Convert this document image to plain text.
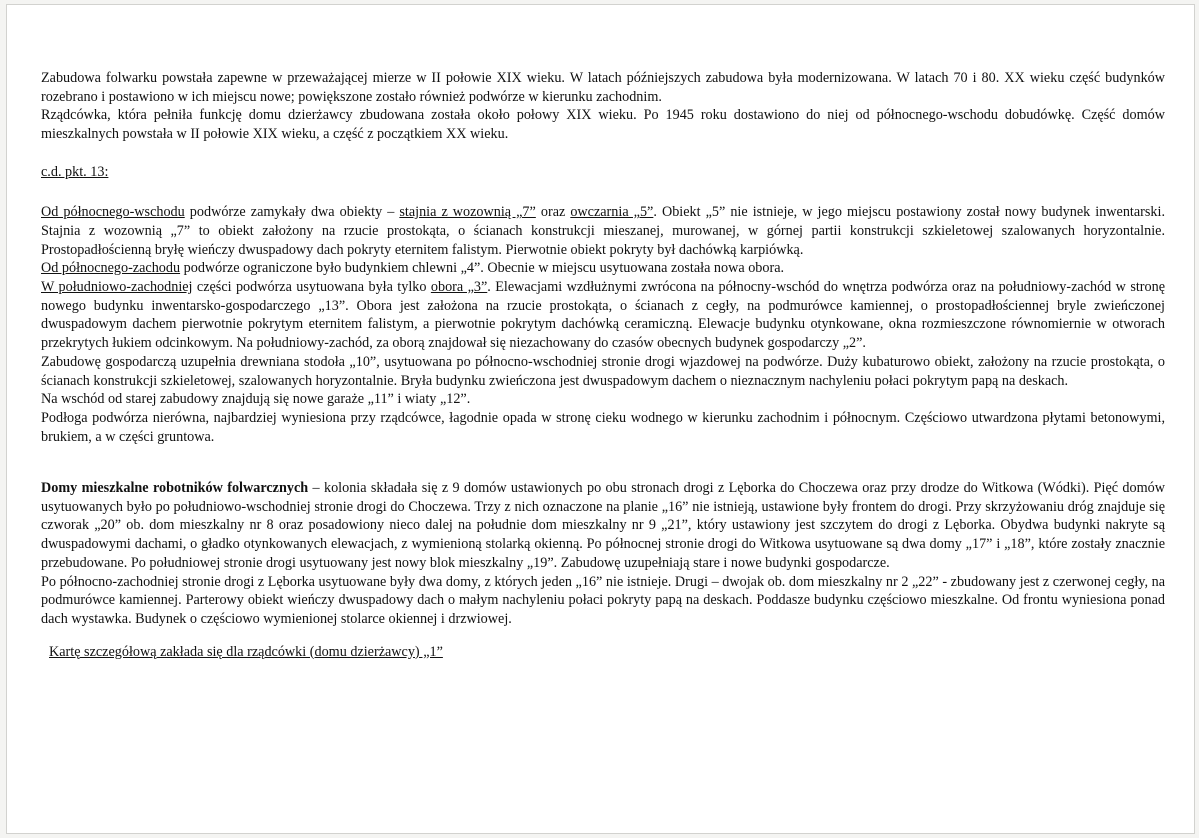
Zabudowa folwarku powstała zapewne w przeważającej mierze w II połowie XIX wieku. W latach późniejszych zabudowa była modernizowana. W latach 70 i 80. XX wieku część budynków rozebrano i postawiono w ich miejscu nowe; powiększone zostało również podwórze w kierunku zachodnim.

Rządcówka, która pełniła funkcję domu dzierżawcy zbudowana została około połowy XIX wieku. Po 1945 roku dostawiono do niej od północnego-wschodu dobudówkę. Część domów mieszkalnych powstała w II połowie XIX wieku, a część z początkiem XX wieku.

c.d. pkt. 13:

Od północnego-wschodu podwórze zamykały dwa obiekty – stajnia z wozownią „7” oraz owczarnia „5”. Obiekt „5” nie istnieje, w jego miejscu postawiony został nowy budynek inwentarski. Stajnia z wozownią „7” to obiekt założony na rzucie prostokąta, o ścianach konstrukcji mieszanej, murowanej, w górnej partii konstrukcji szkieletowej szalowanych horyzontalnie. Prostopadłościenną bryłę wieńczy dwuspadowy dach pokryty eternitem falistym. Pierwotnie obiekt pokryty był dachówką karpiówką.

Od północnego-zachodu podwórze ograniczone było budynkiem chlewni „4”. Obecnie w miejscu usytuowana została nowa obora.

W południowo-zachodniej części podwórza usytuowana była tylko obora „3”. Elewacjami wzdłużnymi zwrócona na północny-wschód do wnętrza podwórza oraz na południowy-zachód w stronę nowego budynku inwentarsko-gospodarczego „13”. Obora jest założona na rzucie prostokąta, o ścianach z cegły, na podmurówce kamiennej, o prostopadłościennej bryle zwieńczonej dwuspadowym dachem pierwotnie pokrytym eternitem falistym, a pierwotnie pokrytym dachówką ceramiczną. Elewacje budynku otynkowane, okna rozmieszczone równomiernie w otworach przekrytych łukiem odcinkowym. Na południowy-zachód, za oborą znajdował się niezachowany do czasów obecnych budynek gospodarczy „2”.

Zabudowę gospodarczą uzupełnia drewniana stodoła „10”, usytuowana po północno-wschodniej stronie drogi wjazdowej na podwórze. Duży kubaturowo obiekt, założony na rzucie prostokąta, o ścianach konstrukcji szkieletowej, szalowanych horyzontalnie. Bryła budynku zwieńczona jest dwuspadowym dachem o nieznacznym nachyleniu połaci pokrytym papą na deskach.

Na wschód od starej zabudowy znajdują się nowe garaże „11” i wiaty „12”.

Podłoga podwórza nierówna, najbardziej wyniesiona przy rządcówce, łagodnie opada w stronę cieku wodnego w kierunku zachodnim i północnym. Częściowo utwardzona płytami betonowymi, brukiem, a w części gruntowa.

Domy mieszkalne robotników folwarcznych – kolonia składała się z 9 domów ustawionych po obu stronach drogi z Lęborka do Choczewa oraz przy drodze do Witkowa (Wódki). Pięć domów usytuowanych było po południowo-wschodniej stronie drogi do Choczewa. Trzy z nich oznaczone na planie „16” nie istnieją, ustawione były frontem do drogi. Przy skrzyżowaniu dróg znajduje się czworak „20” ob. dom mieszkalny nr 8 oraz posadowiony nieco dalej na południe dom mieszkalny nr 9 „21”, który ustawiony jest szczytem do drogi z Lęborka. Obydwa budynki nakryte są dwuspadowymi dachami, o gładko otynkowanych elewacjach, z wymienioną stolarką okienną. Po północnej stronie drogi do Witkowa usytuowane są dwa domy „17” i „18”, które zostały znacznie przebudowane. Po południowej stronie drogi usytuowany jest nowy blok mieszkalny „19”. Zabudowę uzupełniają stare i nowe budynki gospodarcze.

Po północno-zachodniej stronie drogi z Lęborka usytuowane były dwa domy, z których jeden „16” nie istnieje. Drugi – dwojak ob. dom mieszkalny nr 2 „22” - zbudowany jest z czerwonej cegły, na podmurówce kamiennej. Parterowy obiekt wieńczy dwuspadowy dach o małym nachyleniu połaci pokryty papą na deskach. Poddasze budynku częściowo mieszkalne. Od frontu wyniesiona ponad dach wystawka. Budynek o częściowo wymienionej stolarce okiennej i drzwiowej.

Kartę szczegółową zakłada się dla rządcówki (domu dzierżawcy) „1”
